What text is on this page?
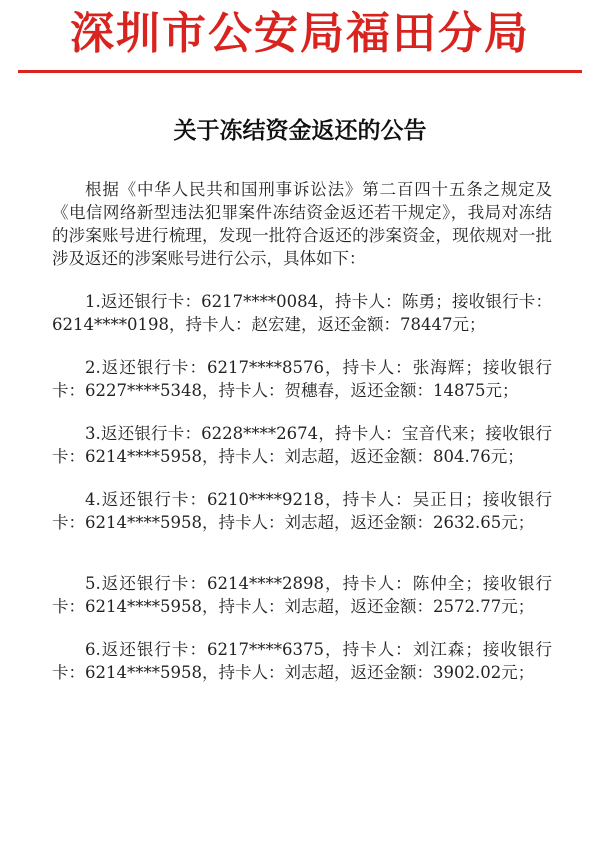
深圳市公安局福田分局
关于冻结资金返还的公告

根据《中华人民共和国刑事诉讼法》第二百四十五条之规定及《电信网络新型违法犯罪案件冻结资金返还若干规定》，我局对冻结的涉案账号进行梳理，发现一批符合返还的涉案资金，现依规对一批涉及返还的涉案账号进行公示，具体如下：

1.返还银行卡：6217****0084，持卡人：陈勇；接收银行卡：6214****0198，持卡人：赵宏建，返还金额：78447元；

2.返还银行卡：6217****8576，持卡人：张海辉；接收银行卡：6227****5348，持卡人：贺穗春，返还金额：14875元；

3.返还银行卡：6228****2674，持卡人：宝音代来；接收银行卡：6214****5958，持卡人：刘志超，返还金额：804.76元；

4.返还银行卡：6210****9218，持卡人：吴正日；接收银行卡：6214****5958，持卡人：刘志超，返还金额：2632.65元；

5.返还银行卡：6214****2898，持卡人：陈仲全；接收银行卡：6214****5958，持卡人：刘志超，返还金额：2572.77元；

6.返还银行卡：6217****6375，持卡人：刘江森；接收银行卡：6214****5958，持卡人：刘志超，返还金额：3902.02元；
